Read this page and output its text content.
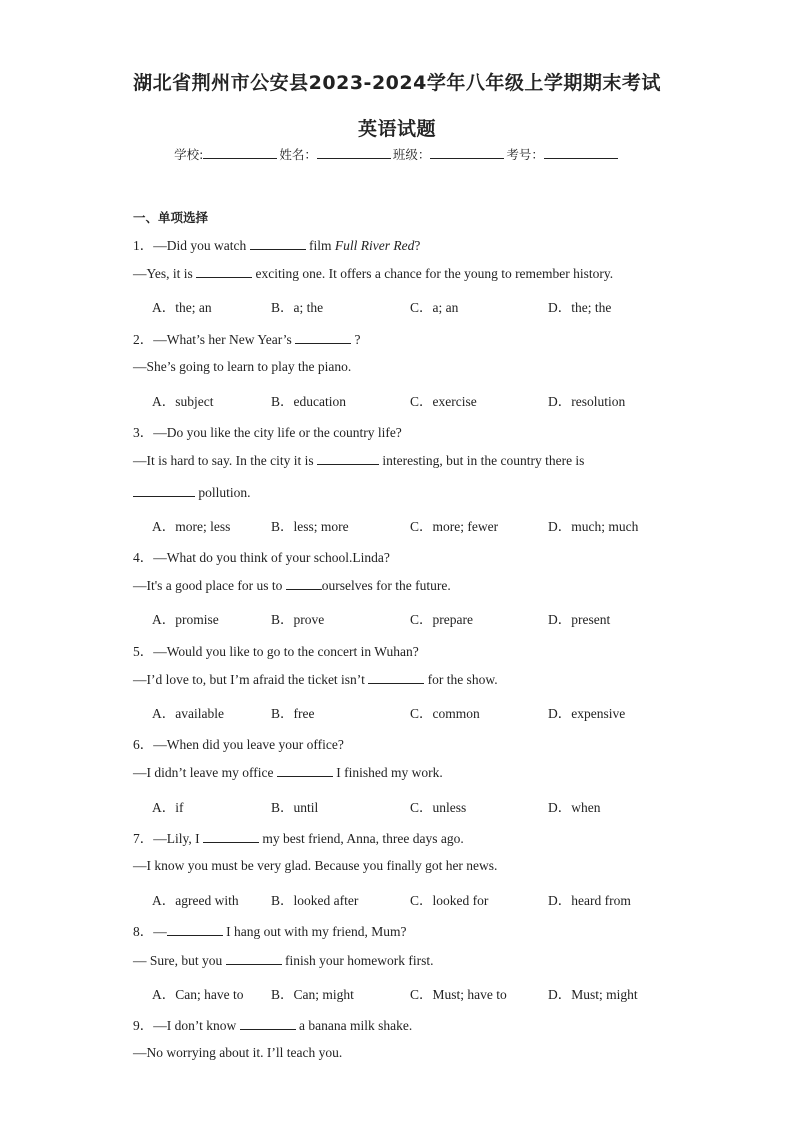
湖北省荆州市公安县2023-2024学年八年级上学期期末考试
英语试题
学校:	姓名：	班级：	考号：
一、单项选择
1．—Did you watch	film Full River Red?
—Yes, it is	exciting one. It offers a chance for the young to remember history.
A．the; an	B．a; the	C．a; an	D．the; the
2．—What’s her New Year’s	?
—She’s going to learn to play the piano.
A．subject	B．education	C．exercise	D．resolution
3．—Do you like the city life or the country life?
—It is hard to say. In the city it is	interesting, but in the country there is
pollution.
A．more; less	B．less; more	C．more; fewer	D．much; much
4．—What do you think of your school.Linda?
—It's a good place for us to	ourselves for the future.
A．promise	B．prove	C．prepare	D．present
5．—Would you like to go to the concert in Wuhan?
—I’d love to, but I’m afraid the ticket isn’t	for the show.
A．available	B．free	C．common	D．expensive
6．—When did you leave your office?
—I didn’t leave my office	I finished my work.
A．if	B．until	C．unless	D．when
7．—Lily, I	my best friend, Anna, three days ago.
—I know you must be very glad. Because you finally got her news.
A．agreed with B．looked after	C．looked for	D．heard from
8．—	I hang out with my friend, Mum?
— Sure, but you	finish your homework first.
A．Can; have to B．Can; might	C．Must; have to	D．Must; might
9．—I don’t know	a banana milk shake.
—No worrying about it. I’ll teach you.
